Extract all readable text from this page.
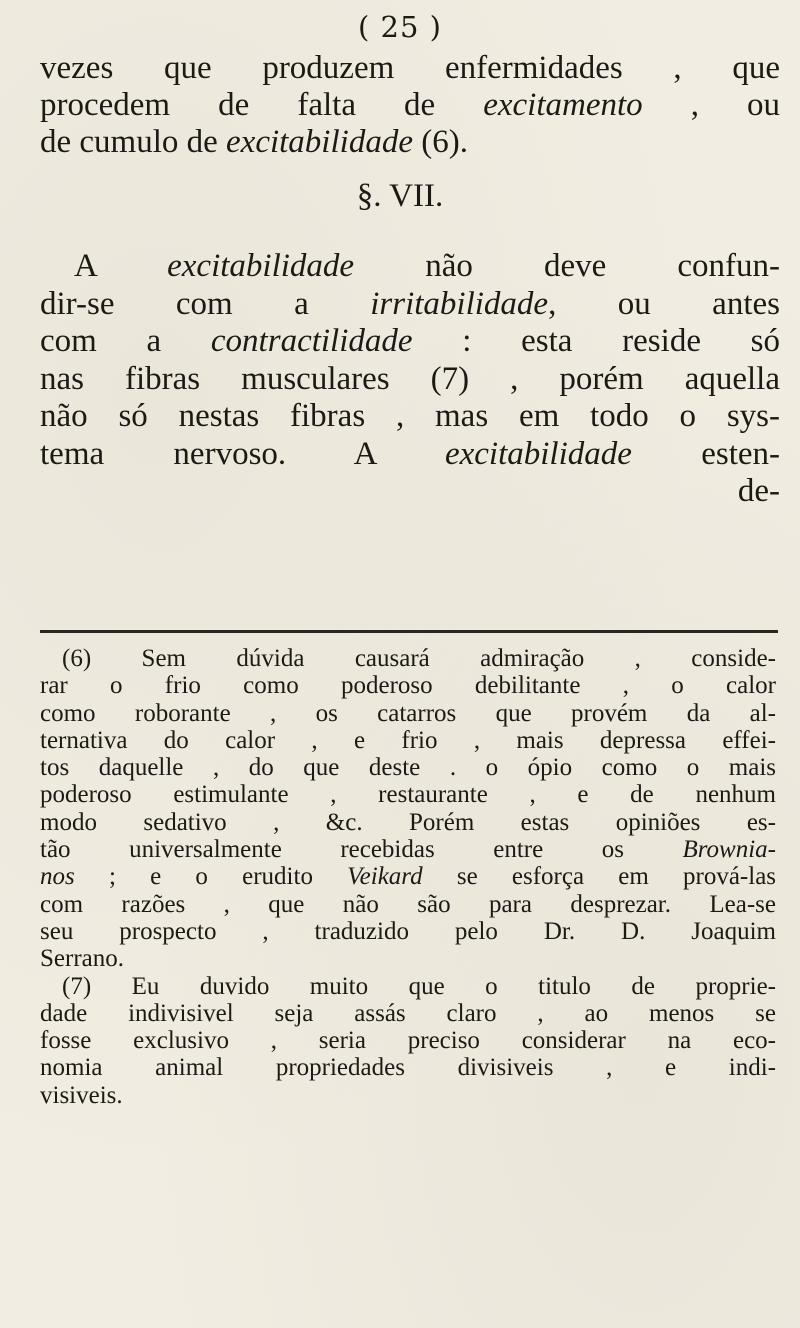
( 25 )
vezes que produzem enfermidades , que
procedem de falta de excitamento , ou
de cumulo de excitabilidade (6).
§. VII.
A excitabilidade não deve confun-
dir-se com a irritabilidade, ou antes
com a contractilidade : esta reside só
nas fibras musculares (7) , porém aquella
não só nestas fibras , mas em todo o sys-
tema nervoso. A excitabilidade esten-
de-
(6) Sem dúvida causará admiração , conside-
rar o frio como poderoso debilitante , o calor
como roborante , os catarros que provém da al-
ternativa do calor , e frio , mais depressa effei-
tos daquelle , do que deste . o ópio como o mais
poderoso estimulante , restaurante , e de nenhum
modo sedativo , &c. Porém estas opiniões es-
tão universalmente recebidas entre os Brownia-
nos ; e o erudito Veikard se esforça em prová-las
com razões , que não são para desprezar. Lea-se
seu prospecto , traduzido pelo Dr. D. Joaquim
Serrano.
(7) Eu duvido muito que o titulo de proprie-
dade indivisivel seja assás claro , ao menos se
fosse exclusivo , seria preciso considerar na eco-
nomia animal propriedades divisiveis , e indi-
visiveis.
